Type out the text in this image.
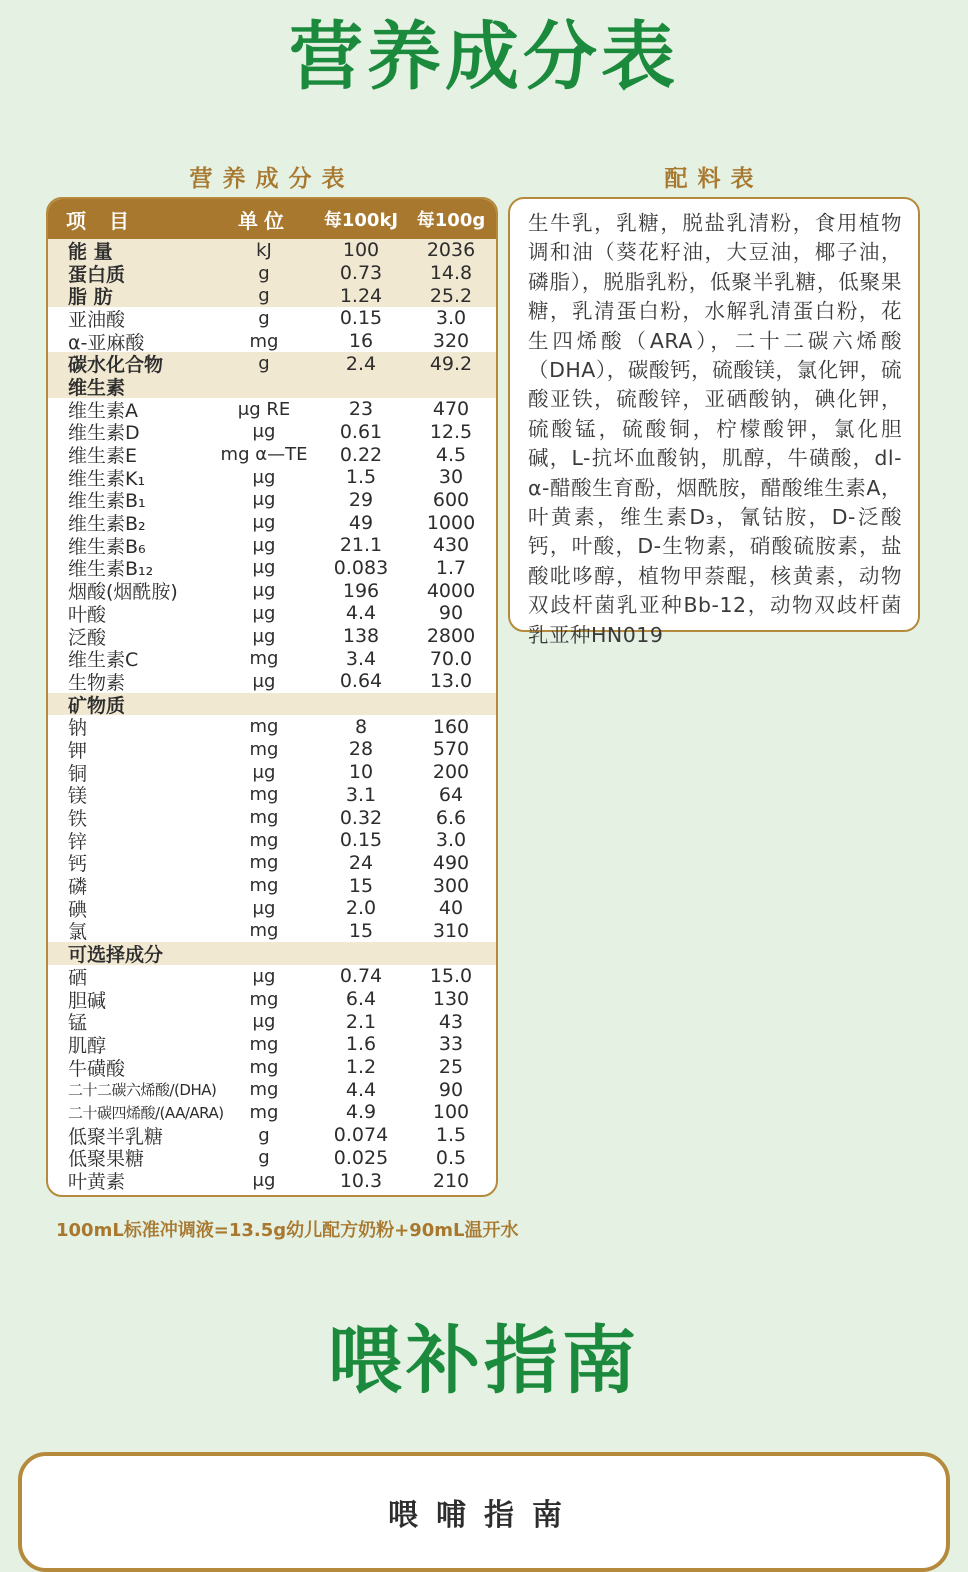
营养成分表
营养成分表	配料表
项 目	单位	每100kJ	每100g
能 量	kJ	100	2036
蛋白质	g	0.73	14.8
脂 肪	g	1.24	25.2
亚油酸	g	0.15	3.0
α-亚麻酸	mg	16	320
碳水化合物	g	2.4	49.2
维生素
维生素A	μg RE	23	470
维生素D	μg	0.61	12.5
维生素E	mg α—TE	0.22	4.5
维生素K₁	μg	1.5	30
维生素B₁	μg	29	600
维生素B₂	μg	49	1000
维生素B₆	μg	21.1	430
维生素B₁₂	μg	0.083	1.7
烟酸(烟酰胺)	μg	196	4000
叶酸	μg	4.4	90
泛酸	μg	138	2800
维生素C	mg	3.4	70.0
生物素	μg	0.64	13.0
矿物质
钠	mg	8	160
钾	mg	28	570
铜	μg	10	200
镁	mg	3.1	64
铁	mg	0.32	6.6
锌	mg	0.15	3.0
钙	mg	24	490
磷	mg	15	300
碘	μg	2.0	40
氯	mg	15	310
可选择成分
硒	μg	0.74	15.0
胆碱	mg	6.4	130
锰	μg	2.1	43
肌醇	mg	1.6	33
牛磺酸	mg	1.2	25
二十二碳六烯酸/(DHA)	mg	4.4	90
二十碳四烯酸/(AA/ARA)	mg	4.9	100
低聚半乳糖	g	0.074	1.5
低聚果糖	g	0.025	0.5
叶黄素	μg	10.3	210
生牛乳，乳糖，脱盐乳清粉，食用植物调和油（葵花籽油，大豆油，椰子油，磷脂），脱脂乳粉，低聚半乳糖，低聚果糖，乳清蛋白粉，水解乳清蛋白粉，花生四烯酸（ARA），二十二碳六烯酸（DHA），碳酸钙，硫酸镁，氯化钾，硫酸亚铁，硫酸锌，亚硒酸钠，碘化钾，硫酸锰，硫酸铜，柠檬酸钾，氯化胆碱，L-抗坏血酸钠，肌醇，牛磺酸，dl-α-醋酸生育酚，烟酰胺，醋酸维生素A，叶黄素，维生素D₃，氰钴胺，D-泛酸钙，叶酸，D-生物素，硝酸硫胺素，盐酸吡哆醇，植物甲萘醌，核黄素，动物双歧杆菌乳亚种Bb-12，动物双歧杆菌乳亚种HN019
100mL标准冲调液=13.5g幼儿配方奶粉+90mL温开水
喂补指南
喂哺指南
